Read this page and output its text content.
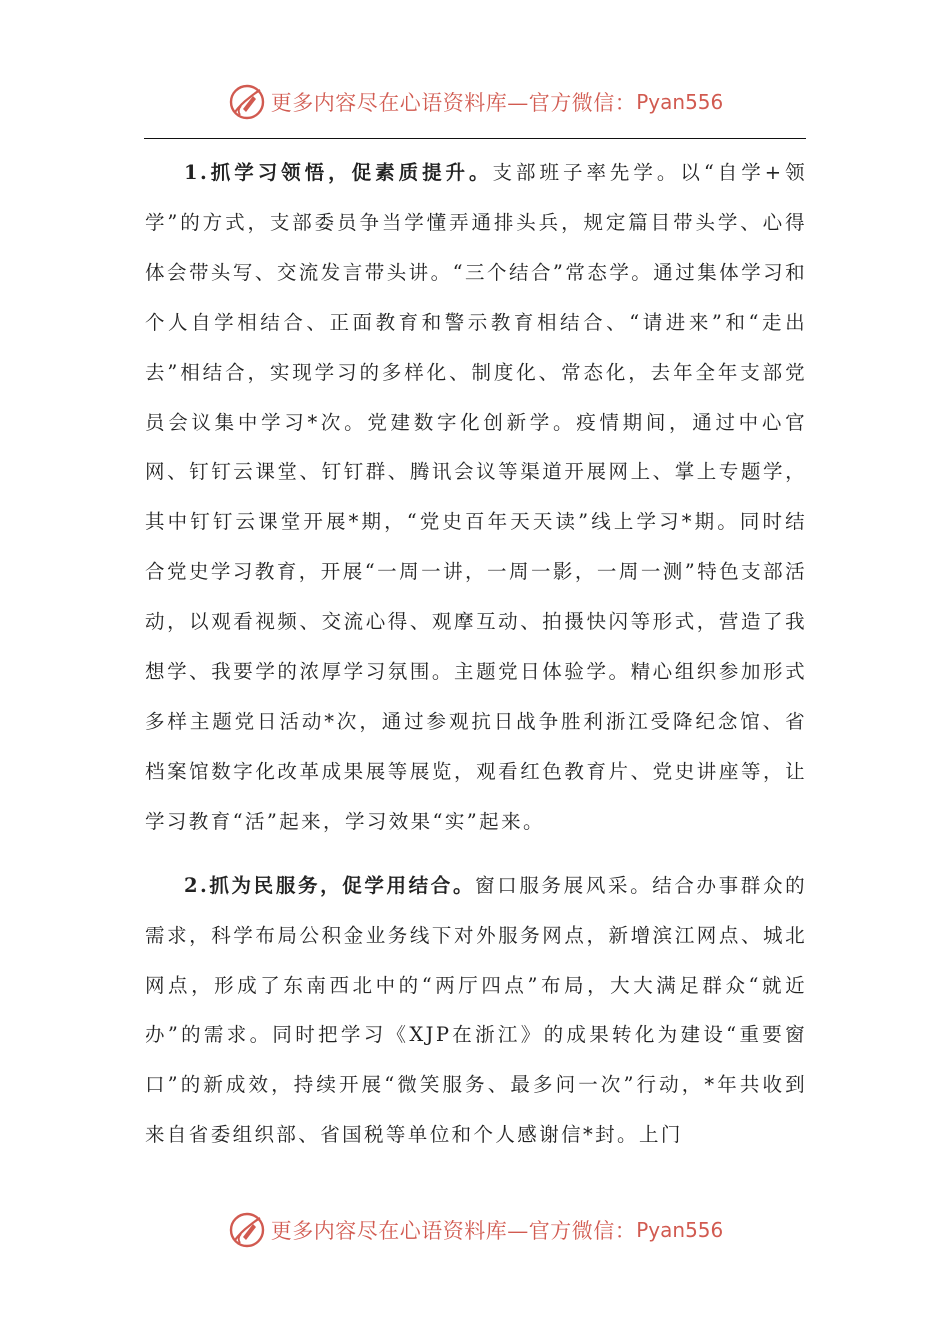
更多内容尽在心语资料库—官方微信： Pyan556

1.抓学习领悟，促素质提升。支部班子率先学。以“自学+领学”的方式，支部委员争当学懂弄通排头兵，规定篇目带头学、心得体会带头写、交流发言带头讲。“三个结合”常态学。通过集体学习和个人自学相结合、正面教育和警示教育相结合、“请进来”和“走出去”相结合，实现学习的多样化、制度化、常态化，去年全年支部党员会议集中学习*次。党建数字化创新学。疫情期间，通过中心官网、钉钉云课堂、钉钉群、腾讯会议等渠道开展网上、掌上专题学，其中钉钉云课堂开展*期，“党史百年天天读”线上学习*期。同时结合党史学习教育，开展“一周一讲，一周一影，一周一测”特色支部活动，以观看视频、交流心得、观摩互动、拍摄快闪等形式，营造了我想学、我要学的浓厚学习氛围。主题党日体验学。精心组织参加形式多样主题党日活动*次，通过参观抗日战争胜利浙江受降纪念馆、省档案馆数字化改革成果展等展览，观看红色教育片、党史讲座等，让学习教育“活”起来，学习效果“实”起来。

2.抓为民服务，促学用结合。窗口服务展风采。结合办事群众的需求，科学布局公积金业务线下对外服务网点，新增滨江网点、城北网点，形成了东南西北中的“两厅四点”布局，大大满足群众“就近办”的需求。同时把学习《XJP在浙江》的成果转化为建设“重要窗口”的新成效，持续开展“微笑服务、最多问一次”行动，*年共收到来自省委组织部、省国税等单位和个人感谢信*封。上门

更多内容尽在心语资料库—官方微信： Pyan556
